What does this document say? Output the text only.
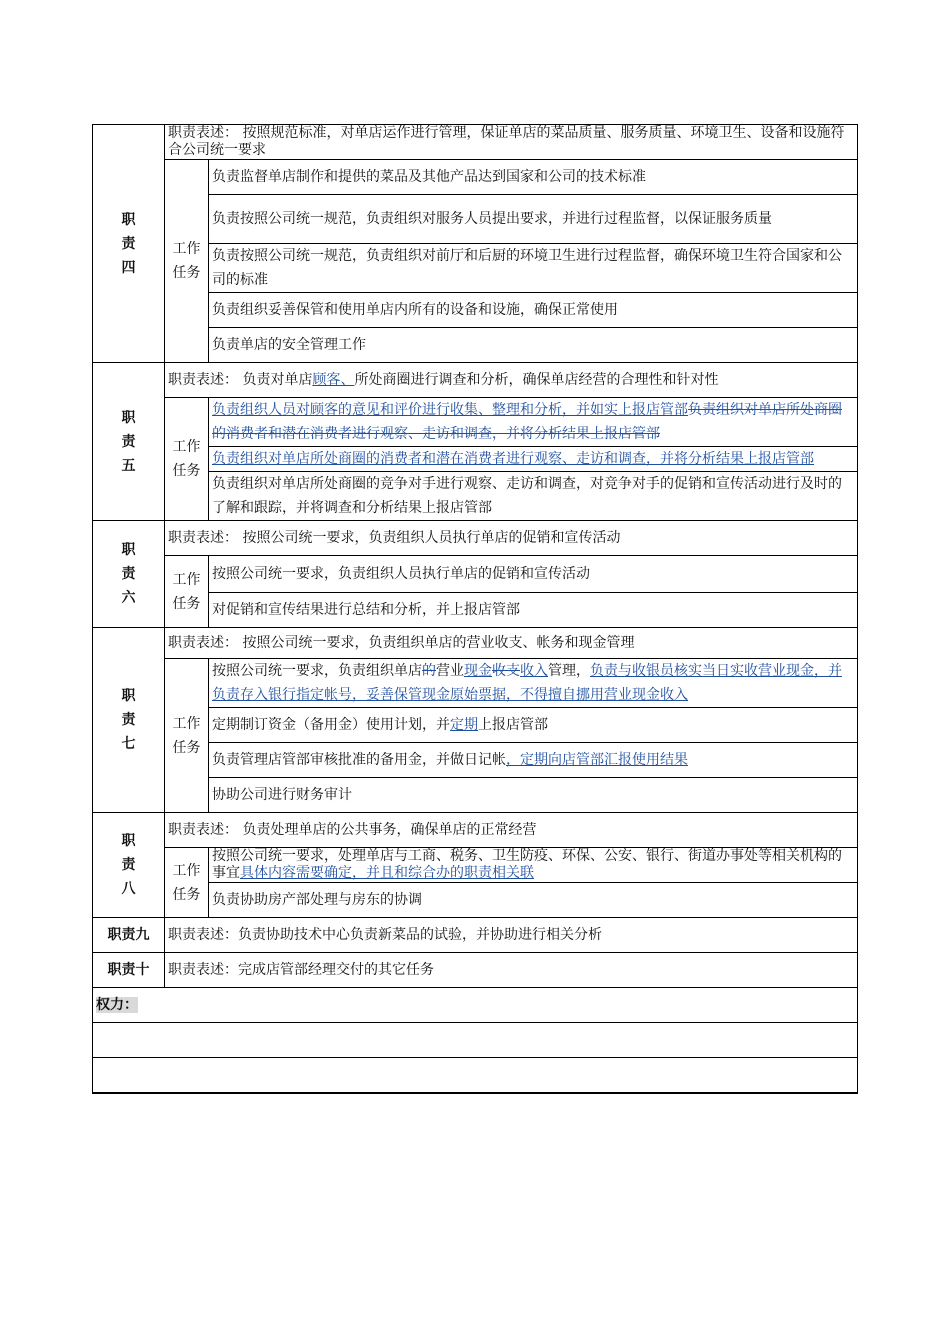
职责四	职责表述： 按照规范标准，对单店运作进行管理，保证单店的菜品质量、服务质量、环境卫生、设备和设施符合公司统一要求	
	工作任务	负责监督单店制作和提供的菜品及其他产品达到国家和公司的技术标准
		负责按照公司统一规范，负责组织对服务人员提出要求，并进行过程监督，以保证服务质量
		负责按照公司统一规范，负责组织对前厅和后厨的环境卫生进行过程监督，确保环境卫生符合国家和公司的标准
		负责组织妥善保管和使用单店内所有的设备和设施，确保正常使用
		负责单店的安全管理工作
职责五	职责表述： 负责对单店顾客、所处商圈进行调查和分析，确保单店经营的合理性和针对性	
	工作任务	负责组织人员对顾客的意见和评价进行收集、整理和分析，并如实上报店管部负责组织对单店所处商圈的消费者和潜在消费者进行观察、走访和调查，并将分析结果上报店管部
		负责组织对单店所处商圈的消费者和潜在消费者进行观察、走访和调查，并将分析结果上报店管部
		负责组织对单店所处商圈的竞争对手进行观察、走访和调查，对竞争对手的促销和宣传活动进行及时的了解和跟踪，并将调查和分析结果上报店管部
职责六	职责表述： 按照公司统一要求，负责组织人员执行单店的促销和宣传活动	
	工作任务	按照公司统一要求，负责组织人员执行单店的促销和宣传活动
		对促销和宣传结果进行总结和分析，并上报店管部
职责七	职责表述： 按照公司统一要求，负责组织单店的营业收支、帐务和现金管理	
	工作任务	按照公司统一要求，负责组织单店的营业现金收支收入管理，负责与收银员核实当日实收营业现金，并负责存入银行指定帐号，妥善保管现金原始票据，不得擅自挪用营业现金收入
		定期制订资金（备用金）使用计划，并定期上报店管部
		负责管理店管部审核批准的备用金，并做日记帐，定期向店管部汇报使用结果
		协助公司进行财务审计
职责八	职责表述： 负责处理单店的公共事务，确保单店的正常经营	
	工作任务	按照公司统一要求，处理单店与工商、税务、卫生防疫、环保、公安、银行、街道办事处等相关机构的事宜具体内容需要确定，并且和综合办的职责相关联
		负责协助房产部处理与房东的协调
职责九	职责表述：负责协助技术中心负责新菜品的试验，并协助进行相关分析	
职责十	职责表述：完成店管部经理交付的其它任务	
权力：		
